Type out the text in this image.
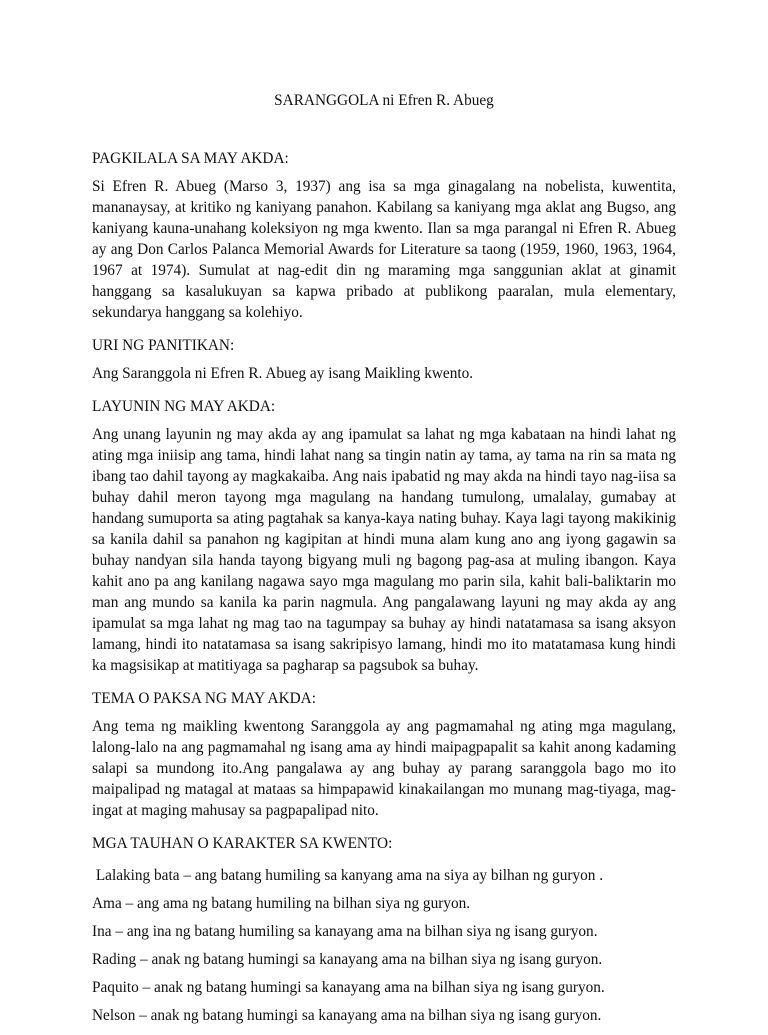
SARANGGOLA ni Efren R. Abueg
PAGKILALA SA MAY AKDA:

Si Efren R. Abueg (Marso 3, 1937) ang isa sa mga ginagalang na nobelista, kuwentita, mananaysay, at kritiko ng kaniyang panahon. Kabilang sa kaniyang mga aklat ang Bugso, ang kaniyang kauna-unahang koleksiyon ng mga kwento. Ilan sa mga parangal ni Efren R. Abueg ay ang Don Carlos Palanca Memorial Awards for Literature sa taong (1959, 1960, 1963, 1964, 1967 at 1974). Sumulat at nag-edit din ng maraming mga sanggunian aklat at ginamit hanggang sa kasalukuyan sa kapwa pribado at publikong paaralan, mula elementary, sekundarya hanggang sa kolehiyo.

URI NG PANITIKAN:

Ang Saranggola ni Efren R. Abueg ay isang Maikling kwento.

LAYUNIN NG MAY AKDA:

Ang unang layunin ng may akda ay ang ipamulat sa lahat ng mga kabataan na hindi lahat ng ating mga iniisip ang tama, hindi lahat nang sa tingin natin ay tama, ay tama na rin sa mata ng ibang tao dahil tayong ay magkakaiba. Ang nais ipabatid ng may akda na hindi tayo nag-iisa sa buhay dahil meron tayong mga magulang na handang tumulong, umalalay, gumabay at handang sumuporta sa ating pagtahak sa kanya-kaya nating buhay. Kaya lagi tayong makikinig sa kanila dahil sa panahon ng kagipitan at hindi muna alam kung ano ang iyong gagawin sa buhay nandyan sila handa tayong bigyang muli ng bagong pag-asa at muling ibangon. Kaya kahit ano pa ang kanilang nagawa sayo mga magulang mo parin sila, kahit bali-baliktarin mo man ang mundo sa kanila ka parin nagmula. Ang pangalawang layuni ng may akda ay ang ipamulat sa mga lahat ng mag tao na tagumpay sa buhay ay hindi natatamasa sa isang aksyon lamang, hindi ito natatamasa sa isang sakripisyo lamang, hindi mo ito matatamasa kung hindi ka magsisikap at matitiyaga sa pagharap sa pagsubok sa buhay.

TEMA O PAKSA NG MAY AKDA:

Ang tema ng maikling kwentong Saranggola ay ang pagmamahal ng ating mga magulang, lalong-lalo na ang pagmamahal ng isang ama ay hindi maipagpapalit sa kahit anong kadaming salapi sa mundong ito.Ang pangalawa ay ang buhay ay parang saranggola bago mo ito maipalipad ng matagal at mataas sa himpapawid kinakailangan mo munang mag-tiyaga, mag-ingat at maging mahusay sa pagpapalipad nito.

MGA TAUHAN O KARAKTER SA KWENTO:
Lalaking bata – ang batang humiling sa kanyang ama na siya ay bilhan ng guryon .
Ama – ang ama ng batang humiling na bilhan siya ng guryon.
Ina – ang ina ng batang humiling sa kanayang ama na bilhan siya ng isang guryon.
Rading – anak ng batang humingi sa kanayang ama na bilhan siya ng isang guryon.
Paquito – anak ng batang humingi sa kanayang ama na bilhan siya ng isang guryon.
Nelson – anak ng batang humingi sa kanayang ama na bilhan siya ng isang guryon.
